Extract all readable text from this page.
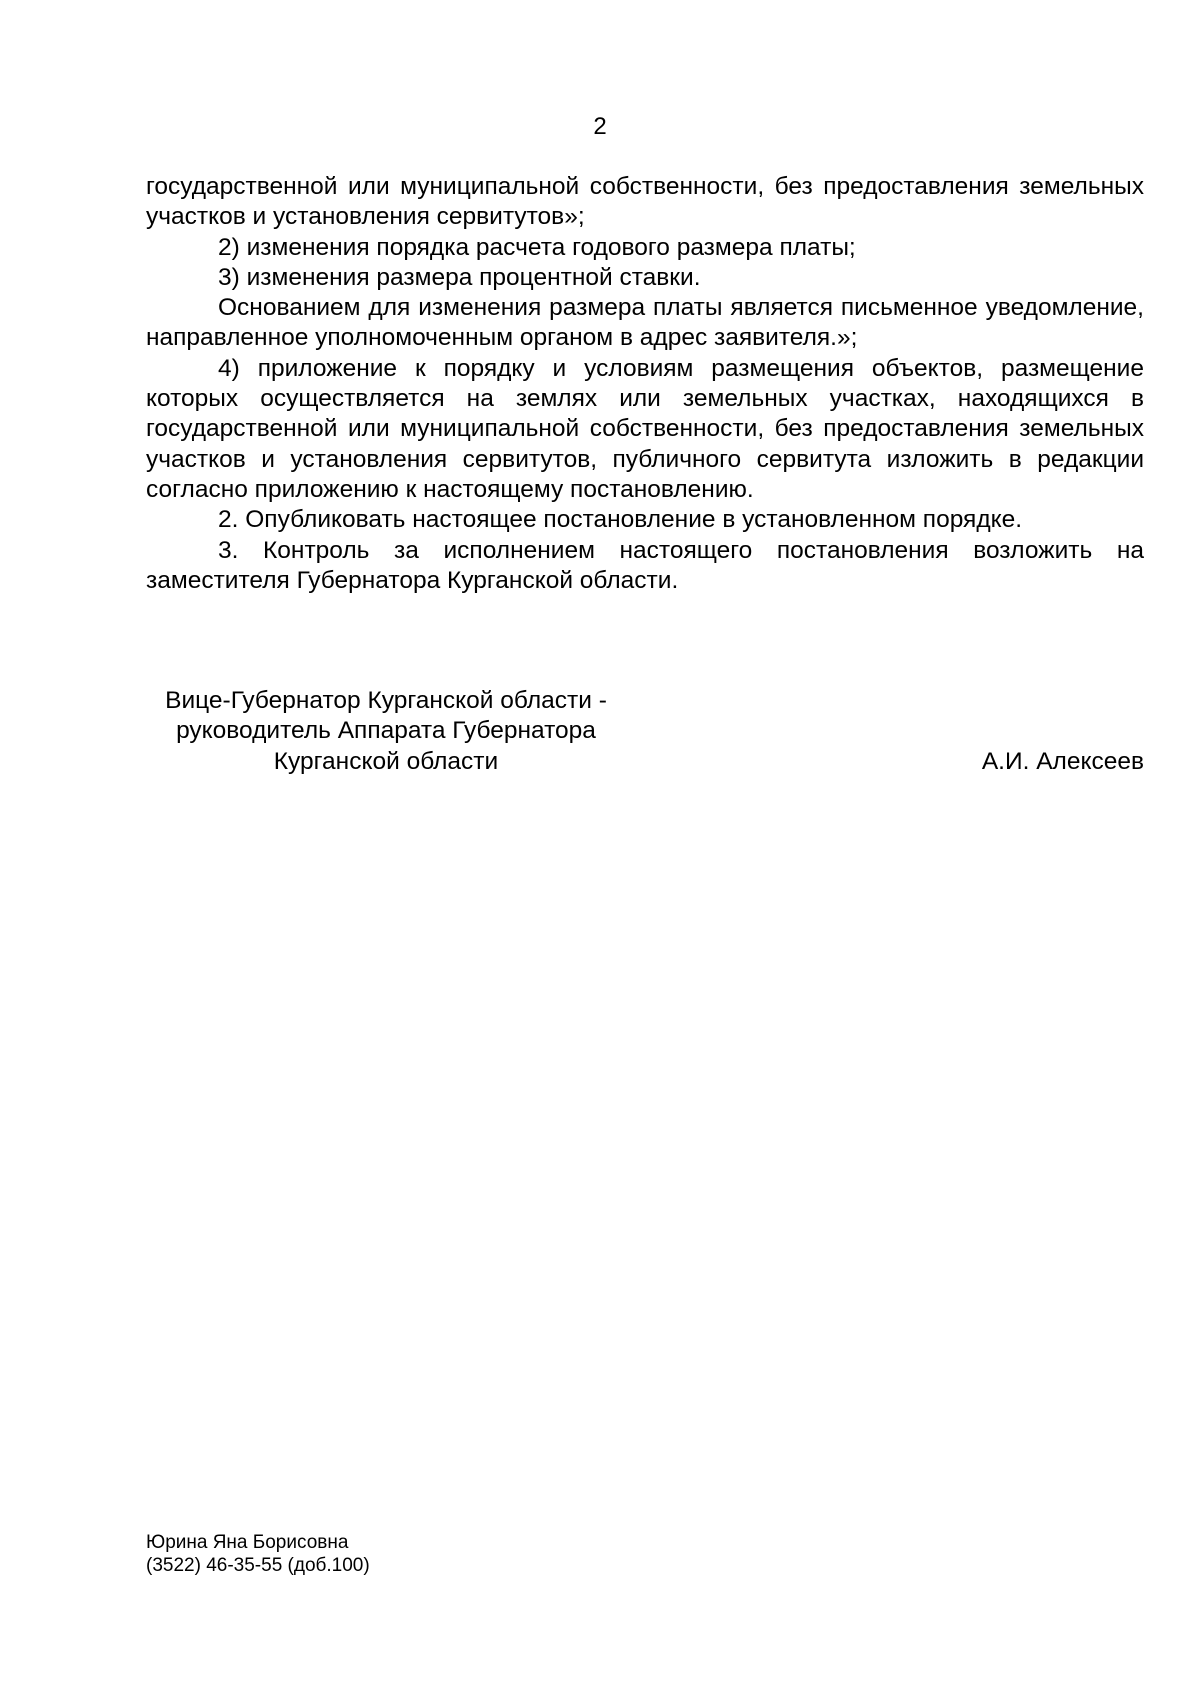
2

государственной или муниципальной собственности, без предоставления земельных участков и установления сервитутов»;

2) изменения порядка расчета годового размера платы;

3) изменения размера процентной ставки.

Основанием для изменения размера платы является письменное уведомление, направленное уполномоченным органом в адрес заявителя.»;

4) приложение к порядку и условиям размещения объектов, размещение которых осуществляется на землях или земельных участках, находящихся в государственной или муниципальной собственности, без предоставления земельных участков и установления сервитутов, публичного сервитута изложить в редакции согласно приложению к настоящему постановлению.

2. Опубликовать настоящее постановление в установленном порядке.

3. Контроль за исполнением настоящего постановления возложить на заместителя Губернатора Курганской области.

Вице-Губернатор Курганской области -
руководитель Аппарата Губернатора
Курганской области	А.И. Алексеев
Юрина Яна Борисовна
(3522) 46-35-55 (доб.100)
